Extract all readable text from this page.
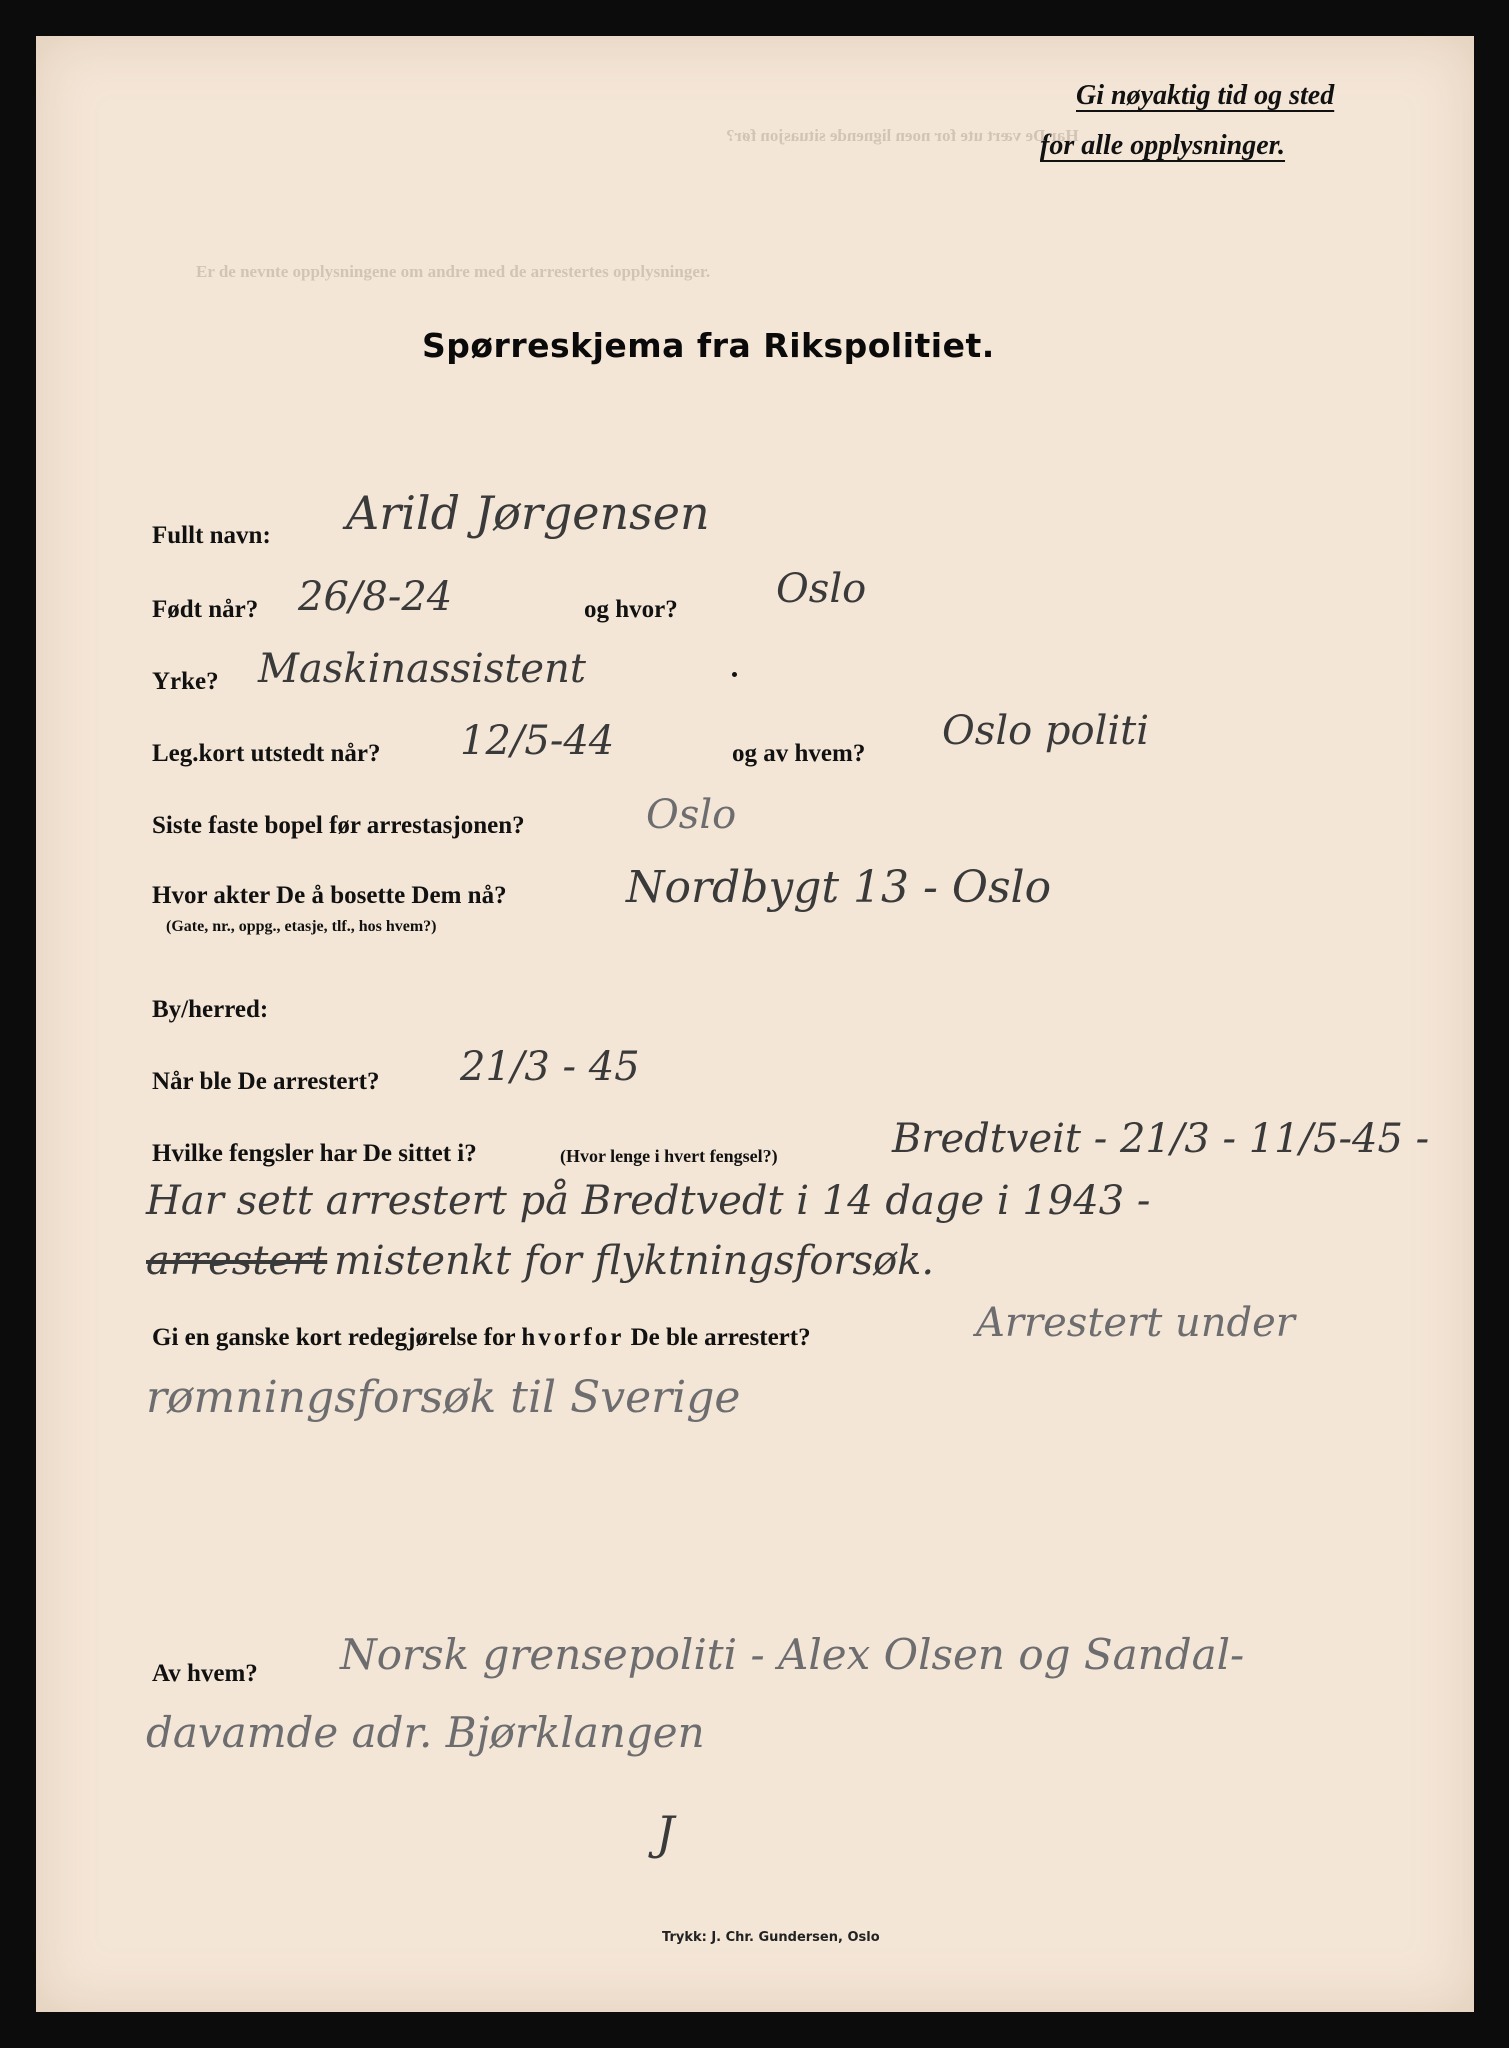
Gi nøyaktig tid og sted
for alle opplysninger.
Har De vært ute for noen lignende situasjon før?
Er de nevnte opplysningene om andre med de arrestertes opplysninger.
Spørreskjema fra Rikspolitiet.
Fullt navn: Arild Jørgensen
Født når? 26/8-24	og hvor? Oslo
Yrke? Maskinassistent
Leg.kort utstedt når? 12/5-44	og av hvem? Oslo politi
Siste faste bopel før arrestasjonen?	Oslo
Hvor akter De å bosette Dem nå?
(Gate, nr., oppg., etasje, tlf., hos hvem?)
Nordbygt 13 - Oslo
By/herred:
Når ble De arrestert? 21/3 - 45
Hvilke fengsler har De sittet i?	(Hvor lenge i hvert fengsel?)	Bredtveit - 21/3 - 11/5-45 -
Har sett arrestert på Bredtvedt i 14 dage i 1943 -
arrestert mistenkt for flyktningsforsøk.
Gi en ganske kort redegjørelse for hvorfor De ble arrestert?	Arrestert under
rømningsforsøk til Sverige
Av hvem? Norsk grensepoliti - Alex Olsen og Sandal-
davamde adr. Bjørklangen
J
Trykk: J. Chr. Gundersen, Oslo
